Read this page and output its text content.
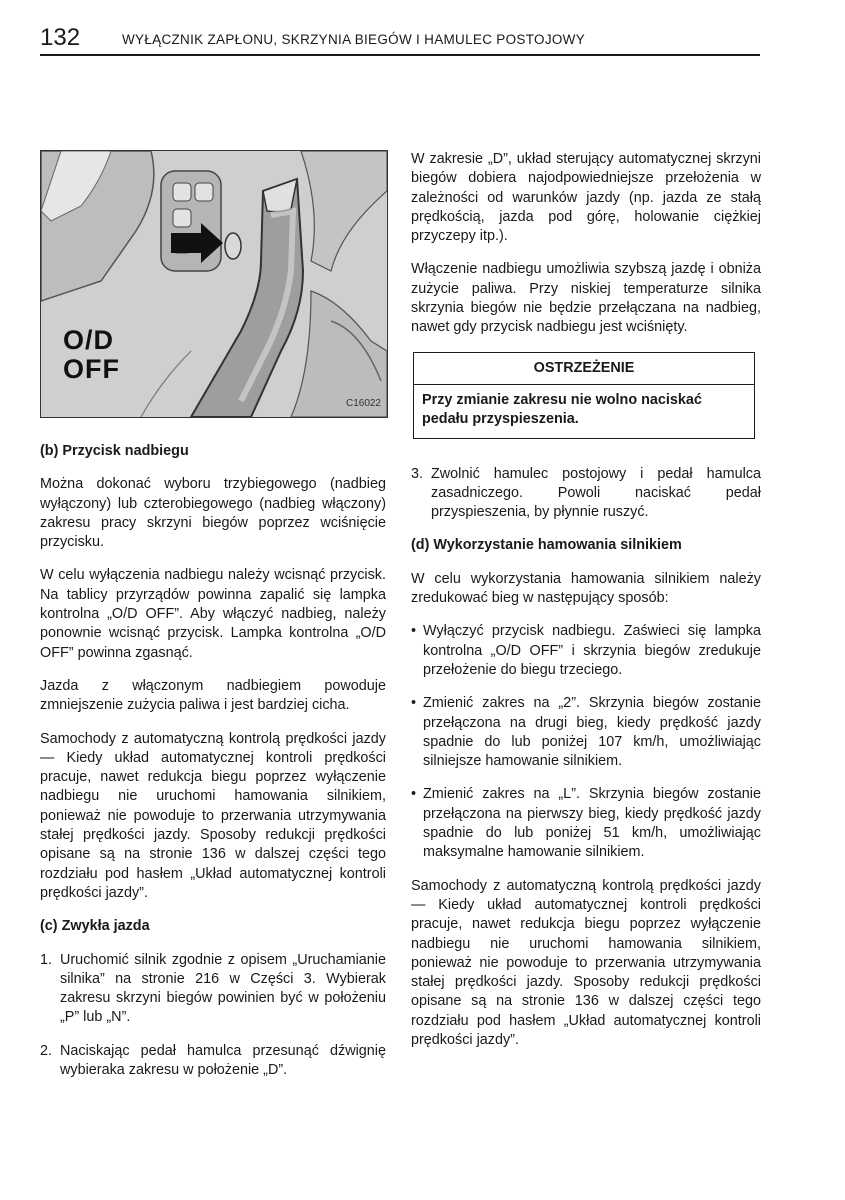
132	WYŁĄCZNIK ZAPŁONU, SKRZYNIA BIEGÓW I HAMULEC POSTOJOWY
O/D
OFF
C16022
(b) Przycisk nadbiegu

Można dokonać wyboru trzybiegowego (nadbieg wyłączony) lub czterobiegowego (nadbieg włączony) zakresu pracy skrzyni biegów poprzez wciśnięcie przycisku.

W celu wyłączenia nadbiegu należy wcisnąć przycisk. Na tablicy przyrządów powinna zapalić się lampka kontrolna „O/D OFF”. Aby włączyć nadbieg, należy ponownie wcisnąć przycisk. Lampka kontrolna „O/D OFF” powinna zgasnąć.

Jazda z włączonym nadbiegiem powoduje zmniejszenie zużycia paliwa i jest bardziej cicha.

Samochody z automatyczną kontrolą prędkości jazdy — Kiedy układ automatycznej kontroli prędkości pracuje, nawet redukcja biegu poprzez wyłączenie nadbiegu nie uruchomi hamowania silnikiem, ponieważ nie powoduje to przerwania utrzymywania stałej prędkości jazdy. Sposoby redukcji prędkości opisane są na stronie 136 w dalszej części tego rozdziału pod hasłem „Układ automatycznej kontroli prędkości jazdy”.

(c) Zwykła jazda
1. Uruchomić silnik zgodnie z opisem „Uruchamianie silnika” na stronie 216 w Części 3. Wybierak zakresu skrzyni biegów powinien być w położeniu „P” lub „N”.
2. Naciskając pedał hamulca przesunąć dźwignię wybieraka zakresu w położenie „D”.

W zakresie „D”, układ sterujący automatycznej skrzyni biegów dobiera najodpowiedniejsze przełożenia w zależności od warunków jazdy (np. jazda ze stałą prędkością, jazda pod górę, holowanie ciężkiej przyczepy itp.).

Włączenie nadbiegu umożliwia szybszą jazdę i obniża zużycie paliwa. Przy niskiej temperaturze silnika skrzynia biegów nie będzie przełączana na nadbieg, nawet gdy przycisk nadbiegu jest wciśnięty.

OSTRZEŻENIE
Przy zmianie zakresu nie wolno naciskać pedału przyspieszenia.
3. Zwolnić hamulec postojowy i pedał hamulca zasadniczego. Powoli naciskać pedał przyspieszenia, by płynnie ruszyć.
(d) Wykorzystanie hamowania silnikiem

W celu wykorzystania hamowania silnikiem należy zredukować bieg w następujący sposób:

• Wyłączyć przycisk nadbiegu. Zaświeci się lampka kontrolna „O/D OFF” i skrzynia biegów zredukuje przełożenie do biegu trzeciego.
• Zmienić zakres na „2”. Skrzynia biegów zostanie przełączona na drugi bieg, kiedy prędkość jazdy spadnie do lub poniżej 107 km/h, umożliwiając silniejsze hamowanie silnikiem.
• Zmienić zakres na „L”. Skrzynia biegów zostanie przełączona na pierwszy bieg, kiedy prędkość jazdy spadnie do lub poniżej 51 km/h, umożliwiając maksymalne hamowanie silnikiem.

Samochody z automatyczną kontrolą prędkości jazdy — Kiedy układ automatycznej kontroli prędkości pracuje, nawet redukcja biegu poprzez wyłączenie nadbiegu nie uruchomi hamowania silnikiem, ponieważ nie powoduje to przerwania utrzymywania stałej prędkości jazdy. Sposoby redukcji prędkości opisane są na stronie 136 w dalszej części tego rozdziału pod hasłem „Układ automatycznej kontroli prędkości jazdy”.
